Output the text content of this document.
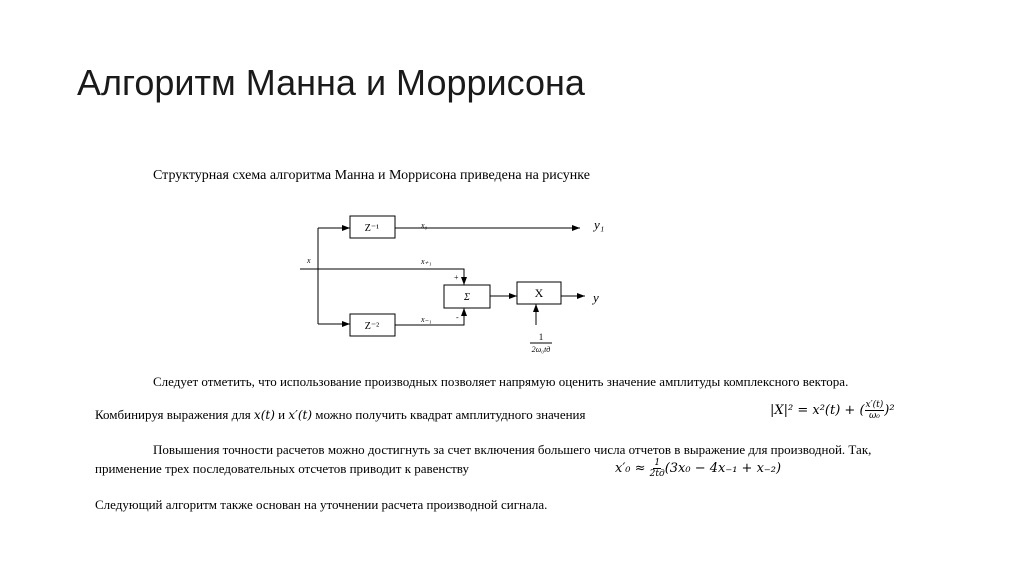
Алгоритм Манна и Моррисона
Структурная схема алгоритма Манна и Моррисона приведена на рисунке
Z⁻¹
Z⁻²
Σ	X
x
x₀
x₊₁
x₋₁
+
-
y₁
y
1
2ω₀tд
Следует отметить, что использование производных позволяет напрямую оценить значение амплитуды комплексного вектора.
Комбинируя выражения для x(t) и x′(t) можно получить квадрат амплитудного значения	|X|² = x²(t) + ( $\frac{x'(t)}{\text{ω₀}} )^2$
Повышения точности расчетов можно достигнуть за счет включения большего числа отчетов в выражение для производной. Так,
применение трех последовательных отсчетов приводит к равенству	$x'_0 \approx \frac{1}{2tд} (3x_0 - 4x_{-1} + x_{-2})$
Следующий алгоритм также основан на уточнении расчета производной сигнала.
